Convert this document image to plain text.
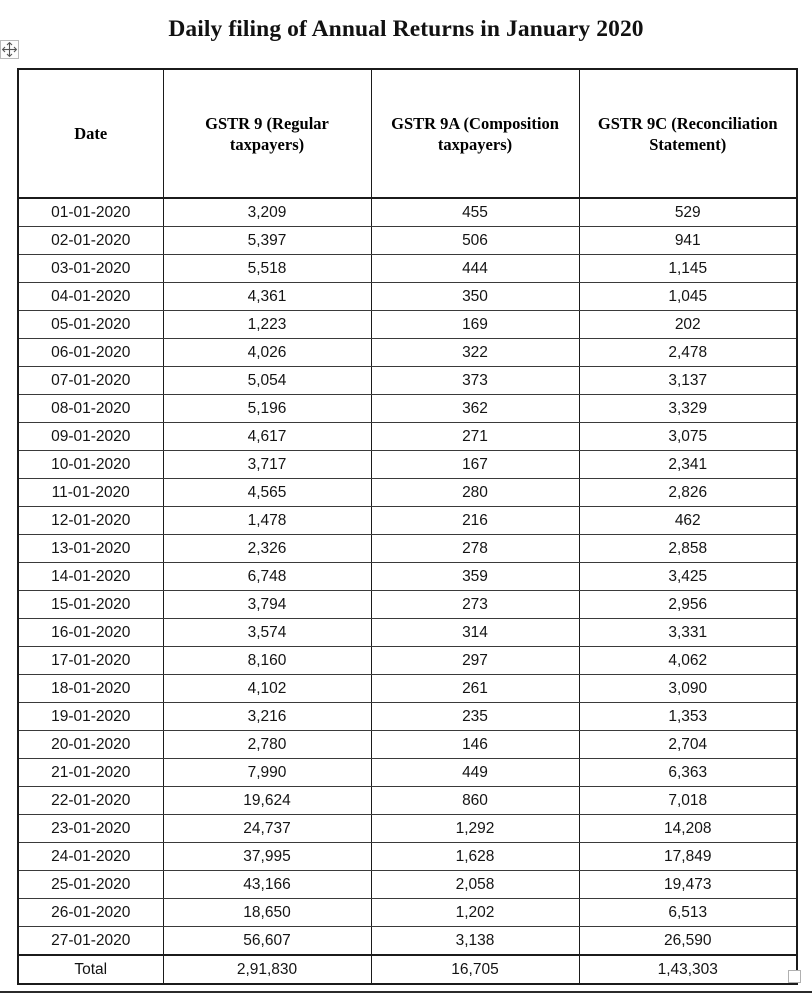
Daily filing of Annual Returns in January 2020
Date	GSTR 9 (Regular taxpayers)	GSTR 9A (Composition taxpayers)	GSTR 9C (Reconciliation Statement)
01-01-2020	3,209	455	529
02-01-2020	5,397	506	941
03-01-2020	5,518	444	1,145
04-01-2020	4,361	350	1,045
05-01-2020	1,223	169	202
06-01-2020	4,026	322	2,478
07-01-2020	5,054	373	3,137
08-01-2020	5,196	362	3,329
09-01-2020	4,617	271	3,075
10-01-2020	3,717	167	2,341
11-01-2020	4,565	280	2,826
12-01-2020	1,478	216	462
13-01-2020	2,326	278	2,858
14-01-2020	6,748	359	3,425
15-01-2020	3,794	273	2,956
16-01-2020	3,574	314	3,331
17-01-2020	8,160	297	4,062
18-01-2020	4,102	261	3,090
19-01-2020	3,216	235	1,353
20-01-2020	2,780	146	2,704
21-01-2020	7,990	449	6,363
22-01-2020	19,624	860	7,018
23-01-2020	24,737	1,292	14,208
24-01-2020	37,995	1,628	17,849
25-01-2020	43,166	2,058	19,473
26-01-2020	18,650	1,202	6,513
27-01-2020	56,607	3,138	26,590
Total	2,91,830	16,705	1,43,303
